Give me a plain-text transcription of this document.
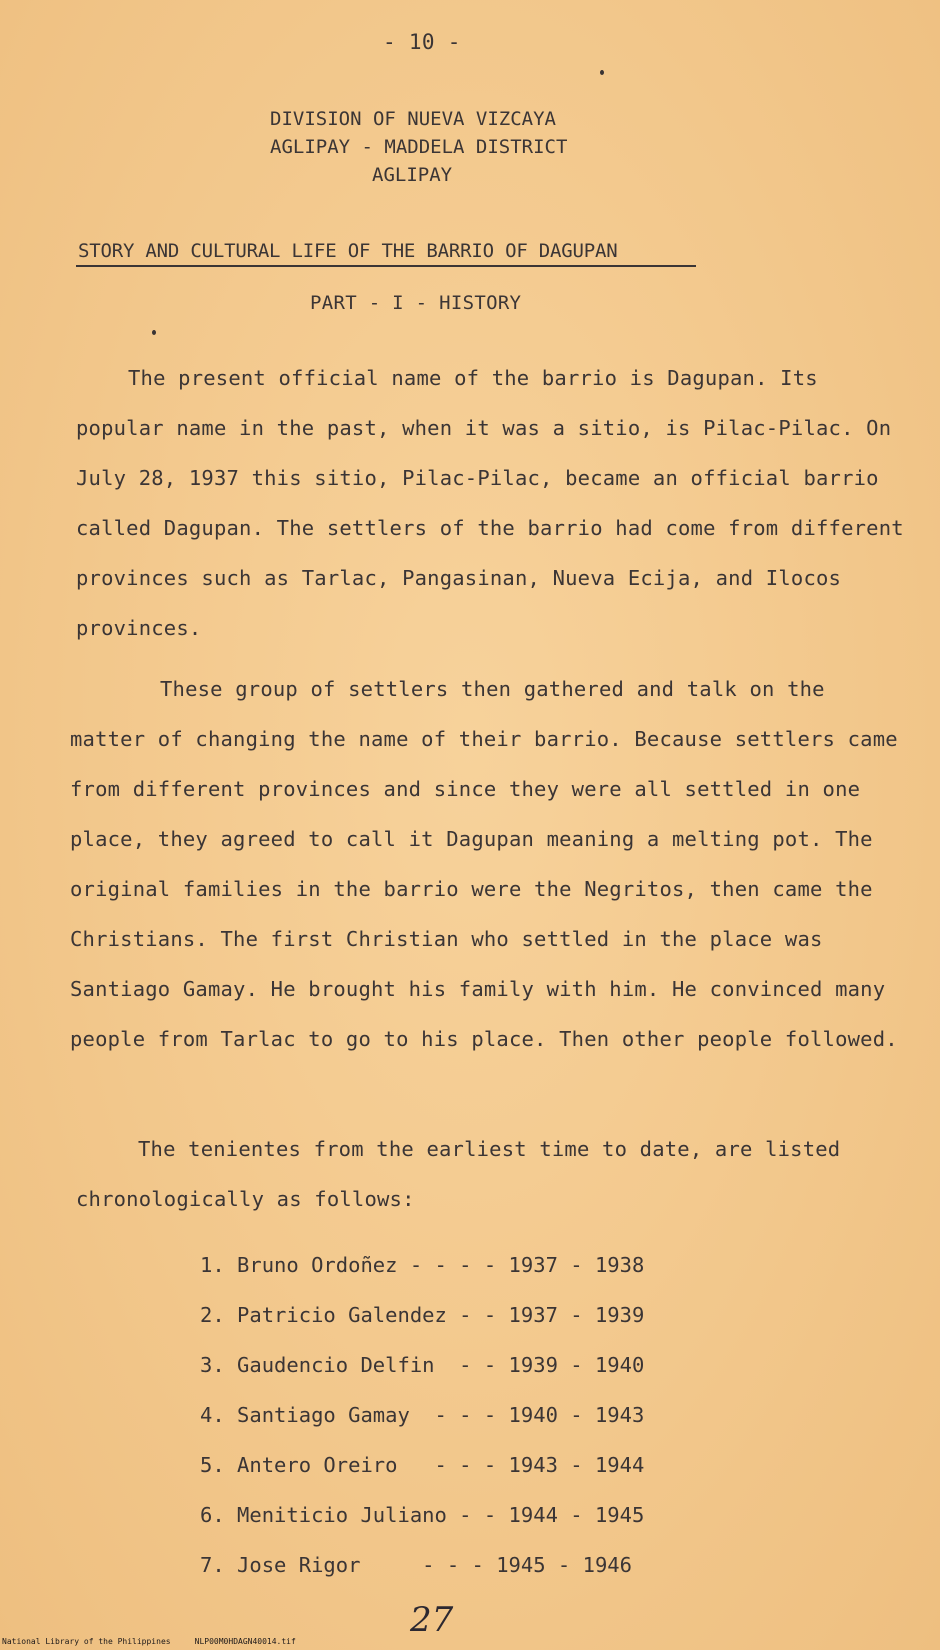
- 10 -
DIVISION OF NUEVA VIZCAYA
AGLIPAY - MADDELA DISTRICT
AGLIPAY
STORY AND CULTURAL LIFE OF THE BARRIO OF DAGUPAN
PART - I - HISTORY
The present official name of the barrio is Dagupan. Its popular name in the past, when it was a sitio, is Pilac-Pilac. On July 28, 1937 this sitio, Pilac-Pilac, became an official barrio called Dagupan. The settlers of the barrio had come from different provinces such as Tarlac, Pangasinan, Nueva Ecija, and Ilocos provinces.
These group of settlers then gathered and talk on the matter of changing the name of their barrio. Because settlers came from different provinces and since they were all settled in one place, they agreed to call it Dagupan meaning a melting pot. The original families in the barrio were the Negritos, then came the Christians. The first Christian who settled in the place was Santiago Gamay. He brought his family with him. He convinced many people from Tarlac to go to his place. Then other people followed.
The tenientes from the earliest time to date, are listed chronologically as follows:
1. Bruno Ordoñez - - - - 1937 - 1938
2. Patricio Galendez - - 1937 - 1939
3. Gaudencio Delfin  - - 1939 - 1940
4. Santiago Gamay  - - - 1940 - 1943
5. Antero Oreiro   - - - 1943 - 1944
6. Meniticio Juliano - - 1944 - 1945
7. Jose Rigor     - - - 1945 - 1946
27
National Library of the Philippines     NLP00M0HDAGN40014.tif
